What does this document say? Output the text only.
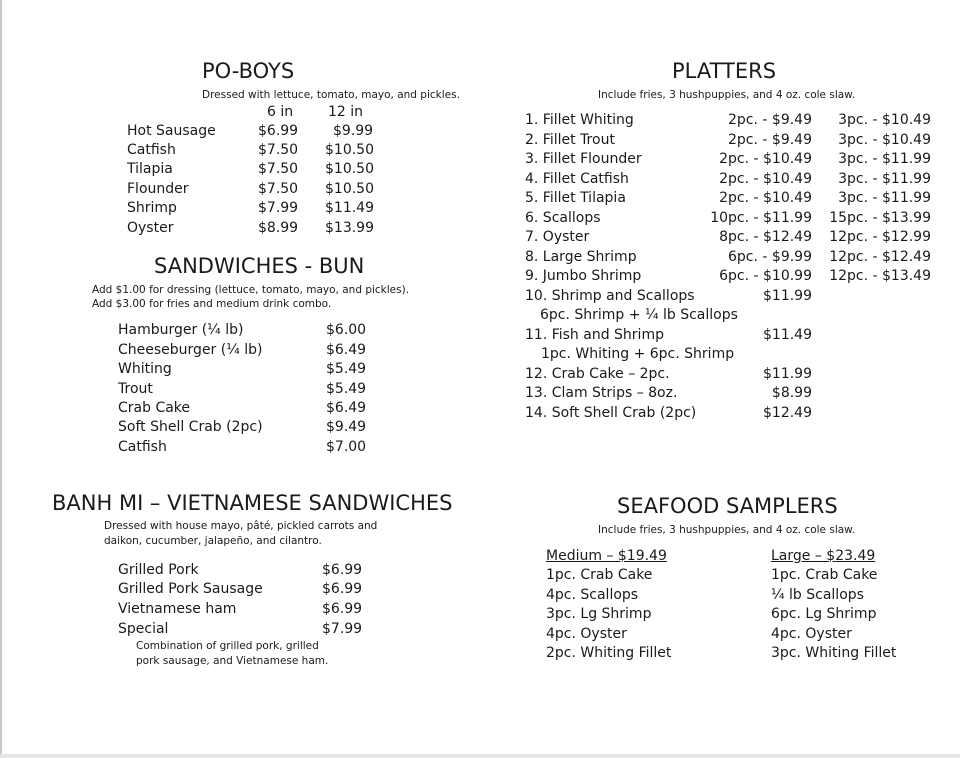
PO-BOYS
Dressed with lettuce, tomato, mayo, and pickles.
6 in 12 in
Hot Sausage	$6.99 $9.99
Catfish	$7.50 $10.50
Tilapia	$7.50 $10.50
Flounder	$7.50 $10.50
Shrimp	$7.99 $11.49
Oyster	$8.99 $13.99
SANDWICHES - BUN
Add $1.00 for dressing (lettuce, tomato, mayo, and pickles).
Add $3.00 for fries and medium drink combo.
Hamburger (¼ lb)	$6.00
Cheeseburger (¼ lb)	$6.49
Whiting	$5.49
Trout	$5.49
Crab Cake	$6.49
Soft Shell Crab (2pc)	$9.49
Catfish	$7.00
BANH MI – VIETNAMESE SANDWICHES
Dressed with house mayo, pâté, pickled carrots and
daikon, cucumber, jalapeño, and cilantro.
Grilled Pork	$6.99
Grilled Pork Sausage	$6.99
Vietnamese ham	$6.99
Special	$7.99
Combination of grilled pork, grilled
pork sausage, and Vietnamese ham.
PLATTERS
Include fries, 3 hushpuppies, and 4 oz. cole slaw.
1. Fillet Whiting	2pc. - $9.49	3pc. - $10.49
2. Fillet Trout	2pc. - $9.49	3pc. - $10.49
3. Fillet Flounder	2pc. - $10.49	3pc. - $11.99
4. Fillet Catfish	2pc. - $10.49	3pc. - $11.99
5. Fillet Tilapia	2pc. - $10.49	3pc. - $11.99
6. Scallops	10pc. - $11.99	15pc. - $13.99
7. Oyster	8pc. - $12.49	12pc. - $12.99
8. Large Shrimp	6pc. - $9.99	12pc. - $12.49
9. Jumbo Shrimp	6pc. - $10.99	12pc. - $13.49
10. Shrimp and Scallops	$11.99
6pc. Shrimp + ¼ lb Scallops
11. Fish and Shrimp	$11.49
1pc. Whiting + 6pc. Shrimp
12. Crab Cake – 2pc.	$11.99
13. Clam Strips – 8oz.	$8.99
14. Soft Shell Crab (2pc)	$12.49
SEAFOOD SAMPLERS
Include fries, 3 hushpuppies, and 4 oz. cole slaw.
Medium – $19.49
1pc. Crab Cake
4pc. Scallops
3pc. Lg Shrimp
4pc. Oyster
2pc. Whiting Fillet
Large – $23.49
1pc. Crab Cake
¼ lb Scallops
6pc. Lg Shrimp
4pc. Oyster
3pc. Whiting Fillet
